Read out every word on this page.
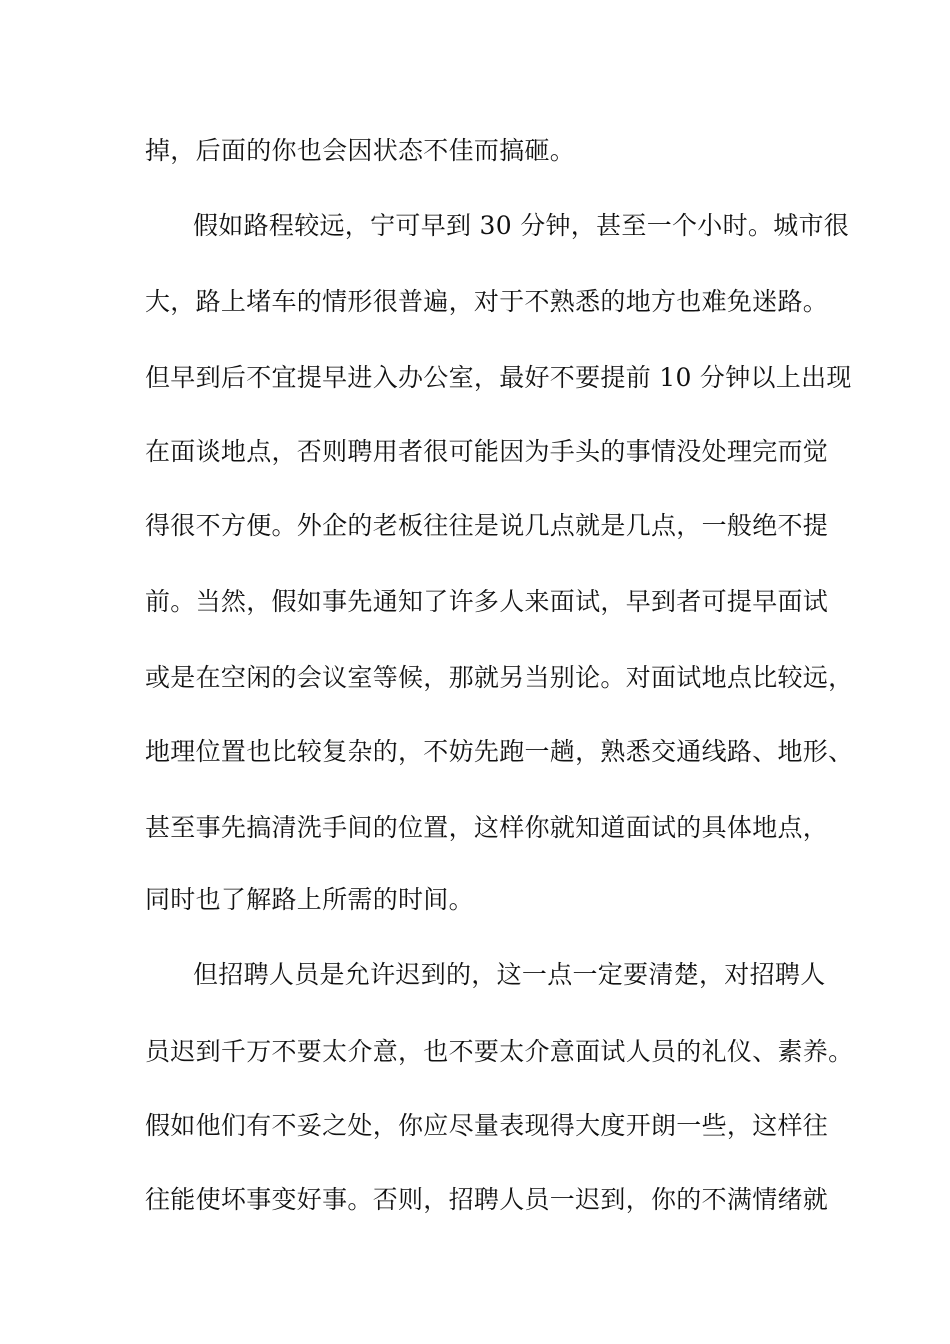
掉，后面的你也会因状态不佳而搞砸。
假如路程较远，宁可早到 30 分钟，甚至一个小时。城市很
大，路上堵车的情形很普遍，对于不熟悉的地方也难免迷路。
但早到后不宜提早进入办公室，最好不要提前 10 分钟以上出现
在面谈地点，否则聘用者很可能因为手头的事情没处理完而觉
得很不方便。外企的老板往往是说几点就是几点，一般绝不提
前。当然，假如事先通知了许多人来面试，早到者可提早面试
或是在空闲的会议室等候，那就另当别论。对面试地点比较远，
地理位置也比较复杂的，不妨先跑一趟，熟悉交通线路、地形、
甚至事先搞清洗手间的位置，这样你就知道面试的具体地点，
同时也了解路上所需的时间。
但招聘人员是允许迟到的，这一点一定要清楚，对招聘人
员迟到千万不要太介意，也不要太介意面试人员的礼仪、素养。
假如他们有不妥之处，你应尽量表现得大度开朗一些，这样往
往能使坏事变好事。否则，招聘人员一迟到，你的不满情绪就
